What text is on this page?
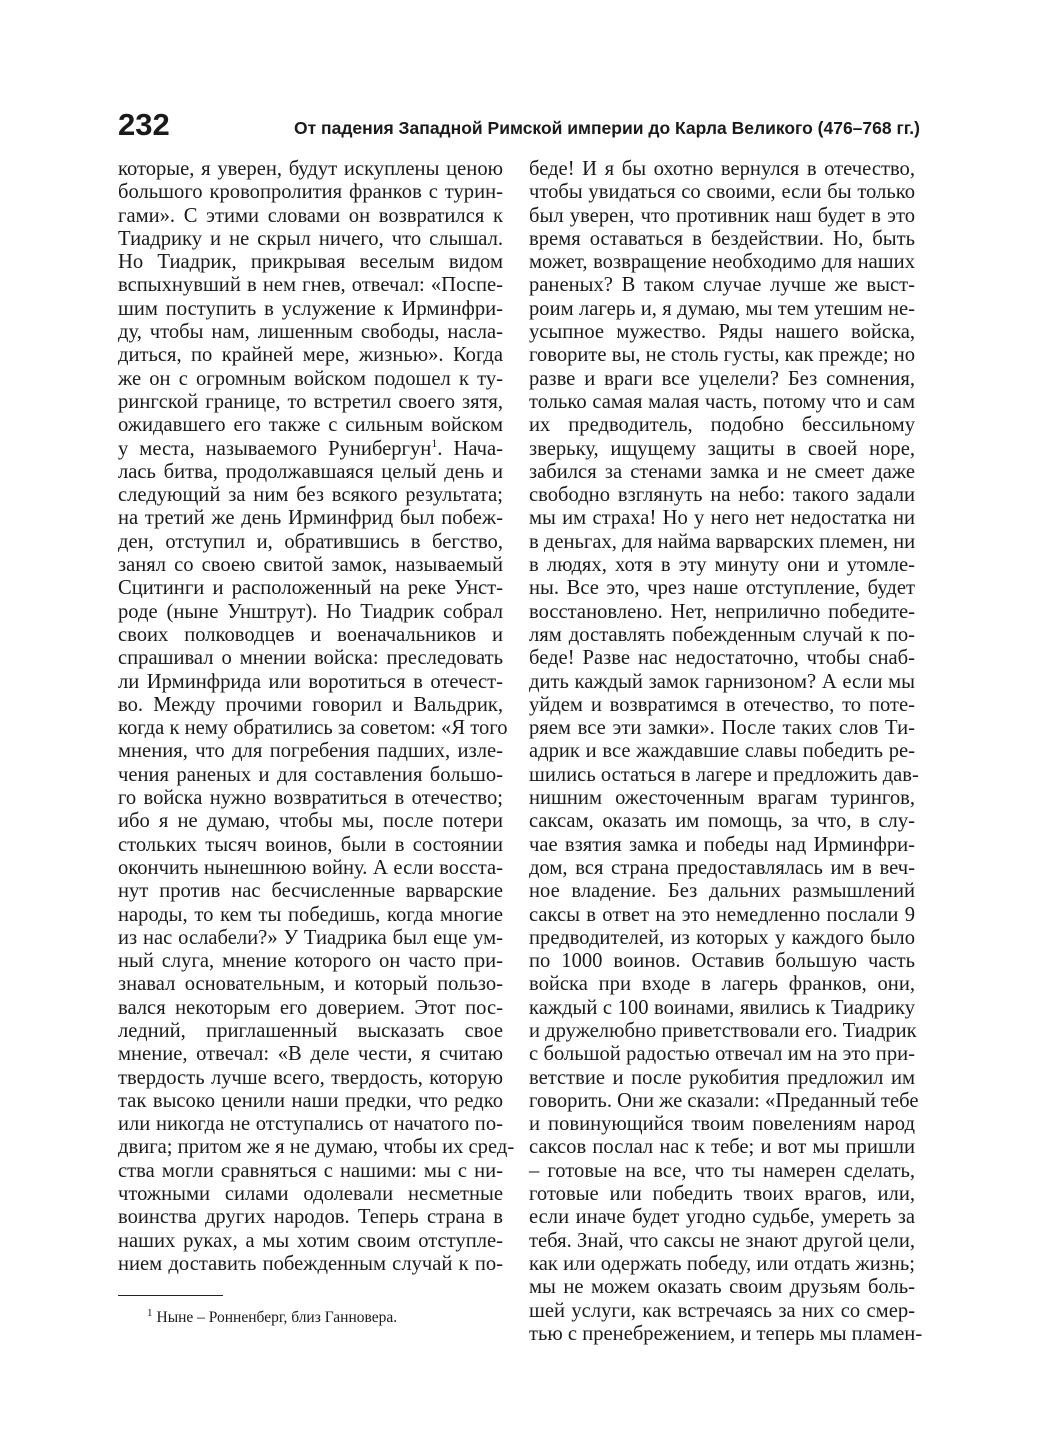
232	От падения Западной Римской империи до Карла Великого (476–768 гг.)
которые, я уверен, будут искуплены ценою
большого кровопролития франков с турин-
гами». С этими словами он возвратился к
Тиадрику и не скрыл ничего, что слышал.
Но Тиадрик, прикрывая веселым видом
вспыхнувший в нем гнев, отвечал: «Поспе-
шим поступить в услужение к Ирминфри-
ду, чтобы нам, лишенным свободы, насла-
диться, по крайней мере, жизнью». Когда
же он с огромным войском подошел к ту-
рингской границе, то встретил своего зятя,
ожидавшего его также с сильным войском
у места, называемого Рунибергун$^1$. Нача-
лась битва, продолжавшаяся целый день и
следующий за ним без всякого результата;
на третий же день Ирминфрид был побеж-
ден, отступил и, обратившись в бегство,
занял со своею свитой замок, называемый
Сцитинги и расположенный на реке Унст-
роде (ныне Унштрут). Но Тиадрик собрал
своих полководцев и военачальников и
спрашивал о мнении войска: преследовать
ли Ирминфрида или воротиться в отечест-
во. Между прочими говорил и Вальдрик,
когда к нему обратились за советом: «Я того
мнения, что для погребения падших, изле-
чения раненых и для составления большо-
го войска нужно возвратиться в отечество;
ибо я не думаю, чтобы мы, после потери
стольких тысяч воинов, были в состоянии
окончить нынешнюю войну. А если восста-
нут против нас бесчисленные варварские
народы, то кем ты победишь, когда многие
из нас ослабели?» У Тиадрика был еще ум-
ный слуга, мнение которого он часто при-
знавал основательным, и который пользо-
вался некоторым его доверием. Этот пос-
ледний, приглашенный высказать свое
мнение, отвечал: «В деле чести, я считаю
твердость лучше всего, твердость, которую
так высоко ценили наши предки, что редко
или никогда не отступались от начатого по-
двига; притом же я не думаю, чтобы их сред-
ства могли сравняться с нашими: мы с ни-
чтожными силами одолевали несметные
воинства других народов. Теперь страна в
наших руках, а мы хотим своим отступле-
нием доставить побежденным случай к по-
беде! И я бы охотно вернулся в отечество,
чтобы увидаться со своими, если бы только
был уверен, что противник наш будет в это
время оставаться в бездействии. Но, быть
может, возвращение необходимо для наших
раненых? В таком случае лучше же выст-
роим лагерь и, я думаю, мы тем утешим не-
усыпное мужество. Ряды нашего войска,
говорите вы, не столь густы, как прежде; но
разве и враги все уцелели? Без сомнения,
только самая малая часть, потому что и сам
их предводитель, подобно бессильному
зверьку, ищущему защиты в своей норе,
забился за стенами замка и не смеет даже
свободно взглянуть на небо: такого задали
мы им страха! Но у него нет недостатка ни
в деньгах, для найма варварских племен, ни
в людях, хотя в эту минуту они и утомле-
ны. Все это, чрез наше отступление, будет
восстановлено. Нет, неприлично победите-
лям доставлять побежденным случай к по-
беде! Разве нас недостаточно, чтобы снаб-
дить каждый замок гарнизоном? А если мы
уйдем и возвратимся в отечество, то поте-
ряем все эти замки». После таких слов Ти-
адрик и все жаждавшие славы победить ре-
шились остаться в лагере и предложить дав-
нишним ожесточенным врагам турингов,
саксам, оказать им помощь, за что, в слу-
чае взятия замка и победы над Ирминфри-
дом, вся страна предоставлялась им в веч-
ное владение. Без дальних размышлений
саксы в ответ на это немедленно послали 9
предводителей, из которых у каждого было
по 1000 воинов. Оставив большую часть
войска при входе в лагерь франков, они,
каждый с 100 воинами, явились к Тиадрику
и дружелюбно приветствовали его. Тиадрик
с большой радостью отвечал им на это при-
ветствие и после рукобития предложил им
говорить. Они же сказали: «Преданный тебе
и повинующийся твоим повелениям народ
саксов послал нас к тебе; и вот мы пришли
– готовые на все, что ты намерен сделать,
готовые или победить твоих врагов, или,
если иначе будет угодно судьбе, умереть за
тебя. Знай, что саксы не знают другой цели,
как или одержать победу, или отдать жизнь;
мы не можем оказать своим друзьям боль-
шей услуги, как встречаясь за них со смер-
тью с пренебрежением, и теперь мы пламен-
$^1$ Ныне – Ронненберг, близ Ганновера.
